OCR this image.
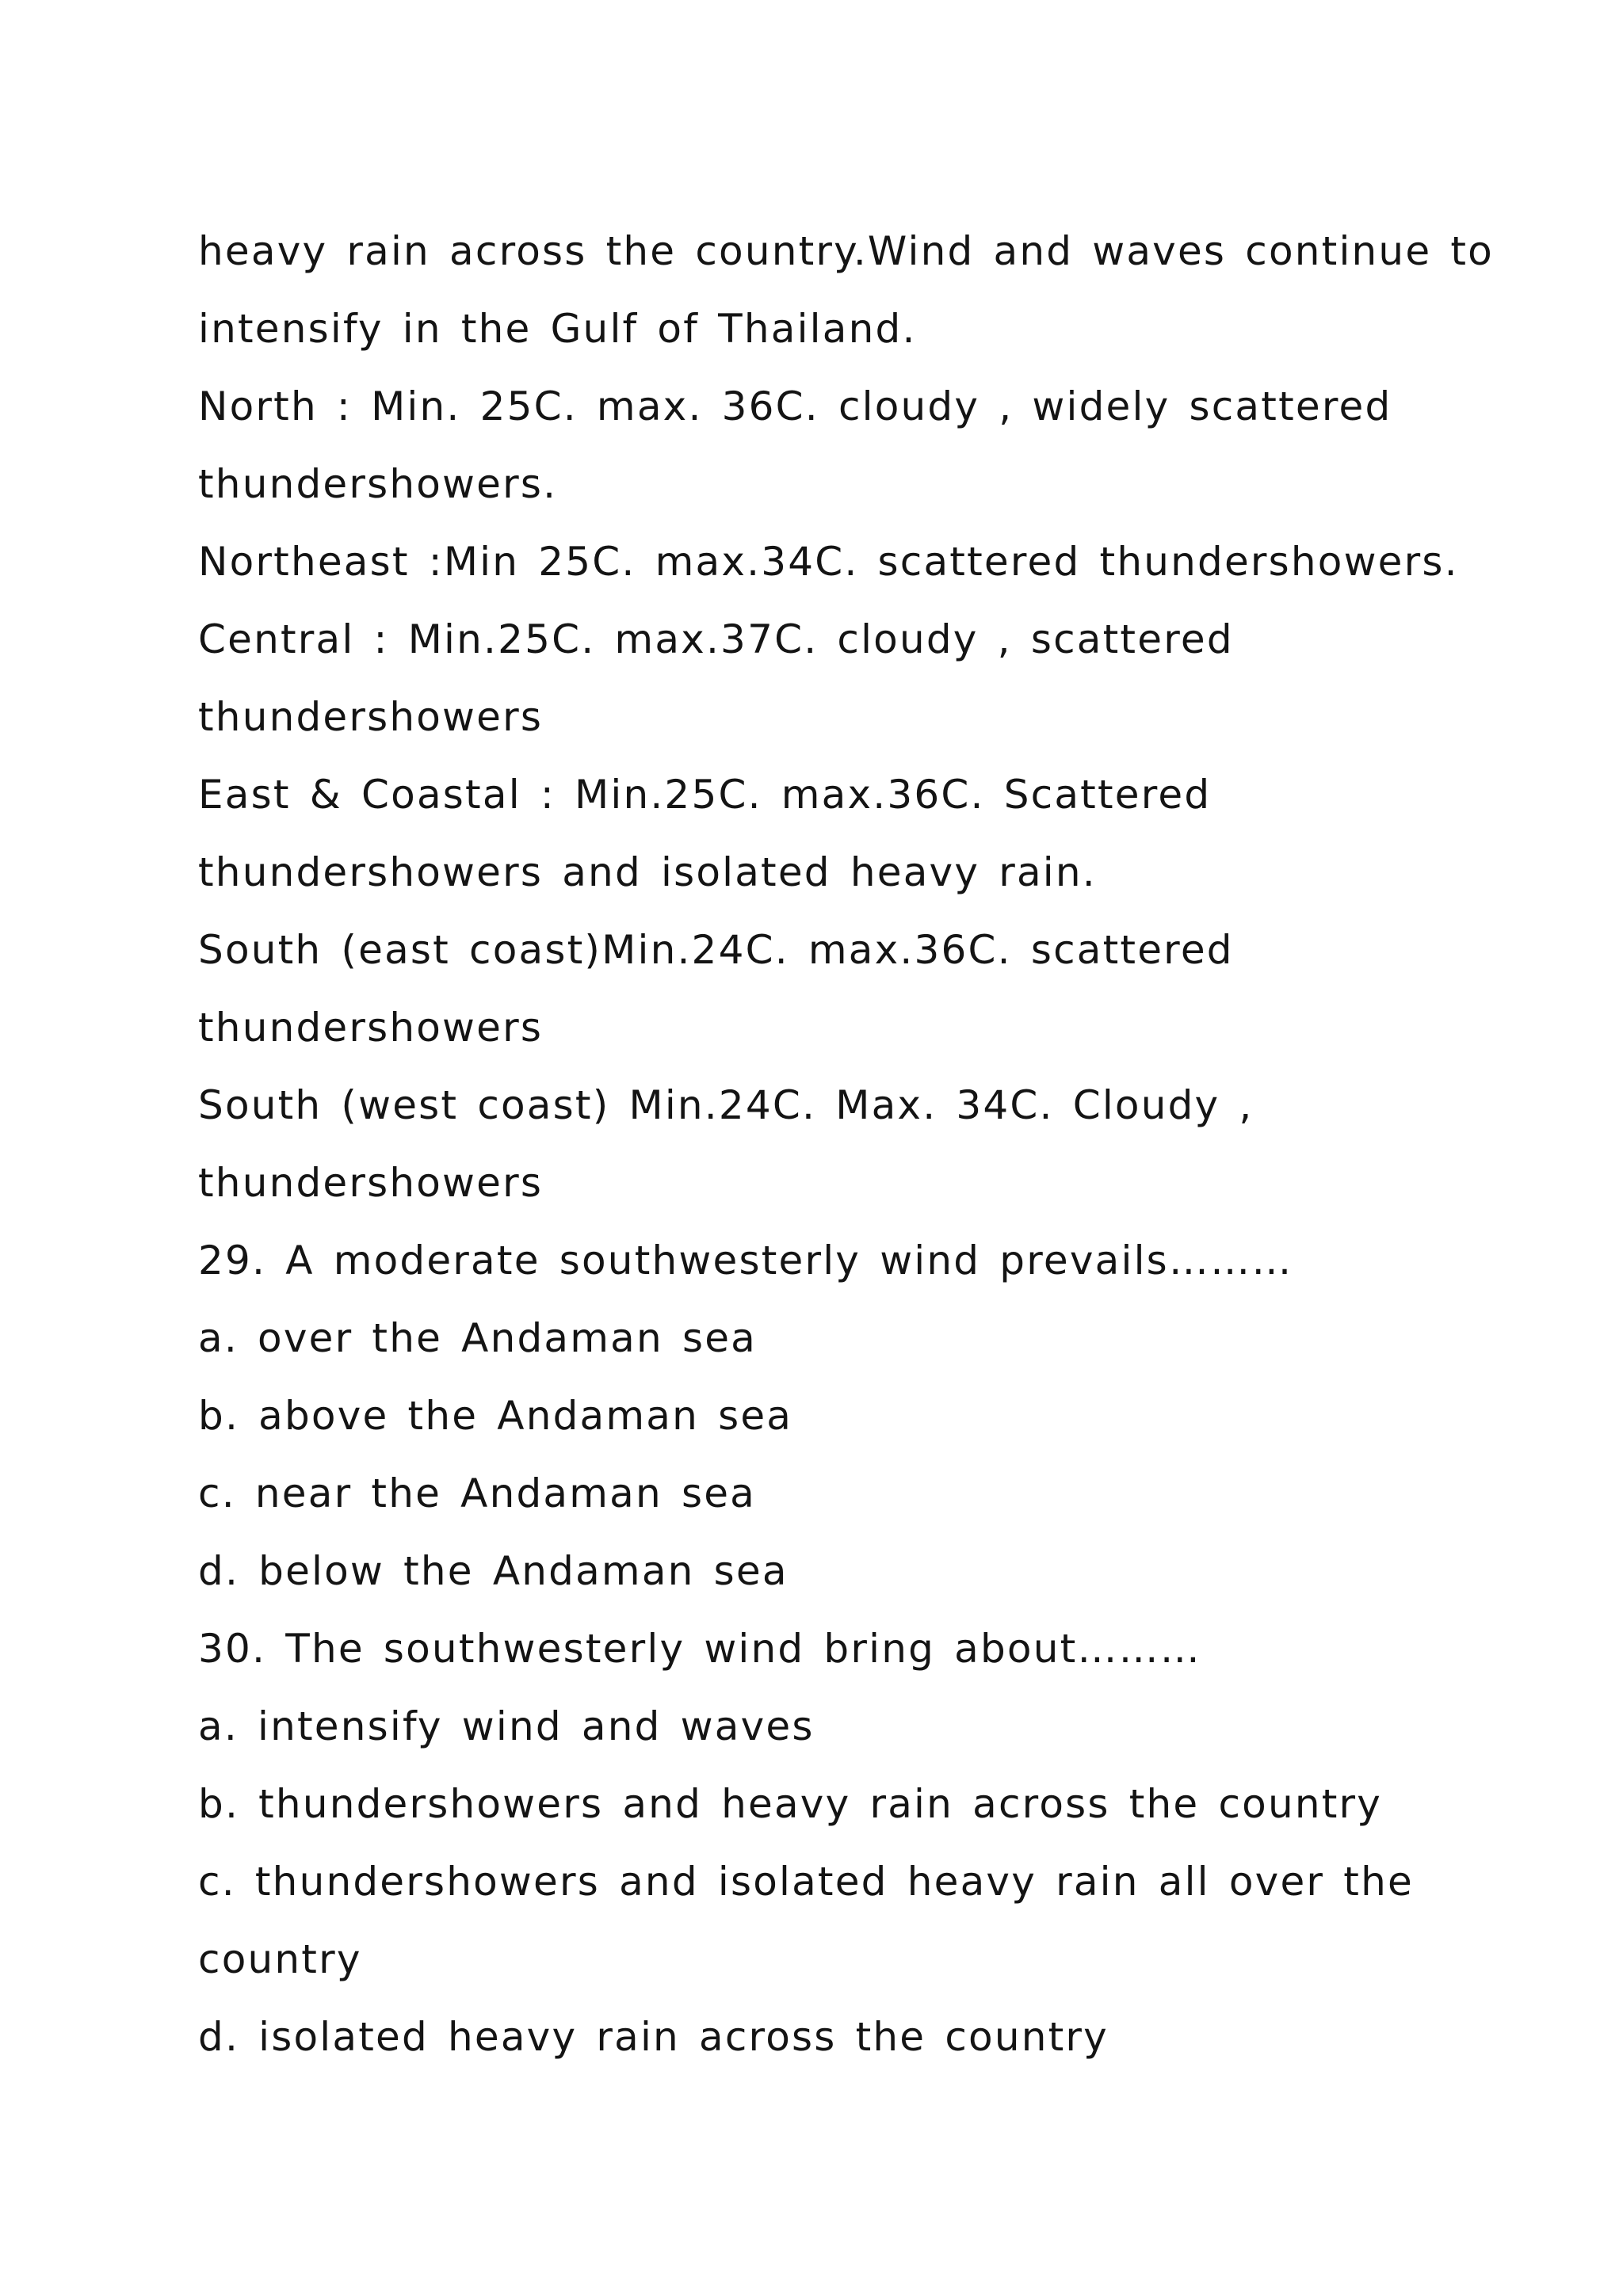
heavy rain across the country.Wind and waves continue to
intensify in the Gulf of Thailand.
North : Min. 25C. max. 36C. cloudy , widely scattered
thundershowers.
Northeast :Min 25C. max.34C. scattered thundershowers.
Central : Min.25C. max.37C. cloudy , scattered
thundershowers
East & Coastal : Min.25C. max.36C. Scattered
thundershowers and isolated heavy rain.
South (east coast)Min.24C. max.36C. scattered
thundershowers
South (west coast) Min.24C. Max. 34C. Cloudy ,
thundershowers
29. A moderate southwesterly wind prevails………
a. over the Andaman sea
b. above the Andaman sea
c. near the Andaman sea
d. below the Andaman sea
30. The southwesterly wind bring about………
a. intensify wind and waves
b. thundershowers and heavy rain across the country
c. thundershowers and isolated heavy rain all over the
country
d. isolated heavy rain across the country
